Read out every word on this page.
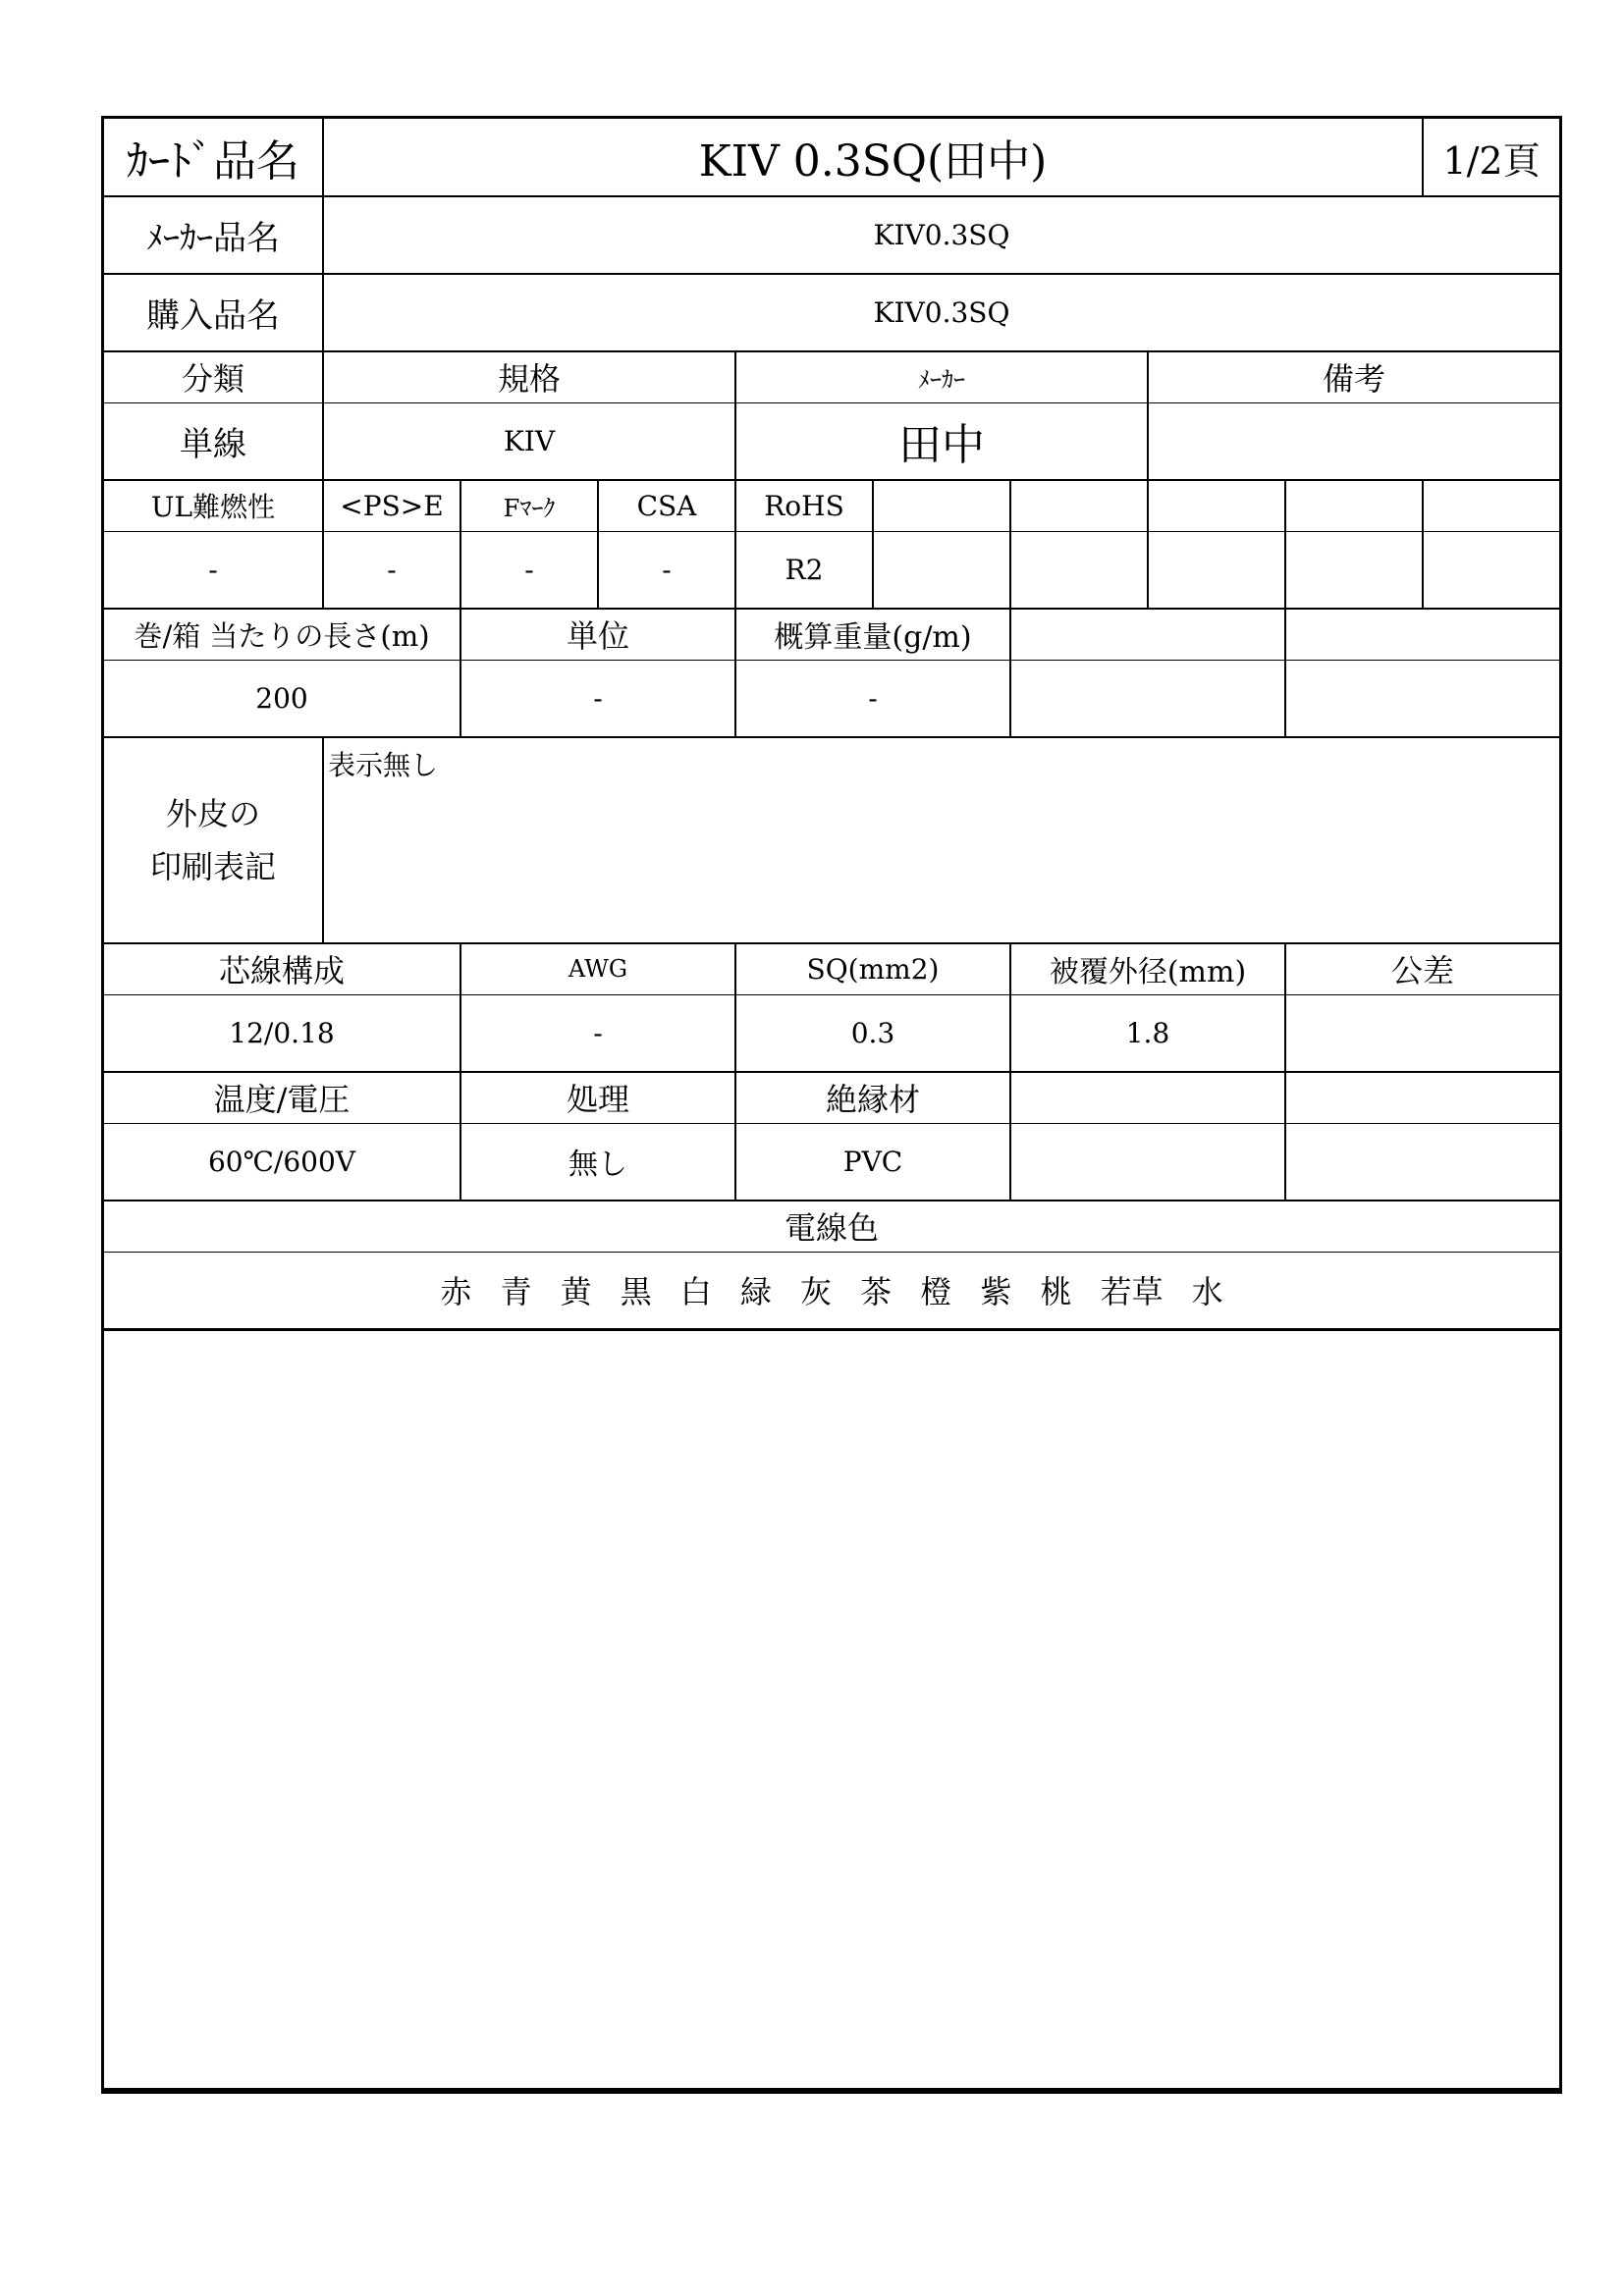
ｶｰﾄﾞ品名	KIV 0.3SQ(田中)								1/2頁
ﾒｰｶｰ品名	KIV0.3SQ								
購入品名	KIV0.3SQ								
分類	規格			ﾒｰｶｰ			備考		
単線	KIV			田中					
UL難燃性	<PS>E	Fﾏｰｸ	CSA	RoHS					
-	-	-	-	R2					
巻/箱 当たりの長さ(m)		単位		概算重量(g/m)					
200		-		-					

外皮の
印刷表記	表示無し								
芯線構成		AWG		SQ(mm2)		被覆外径(mm)		公差	
12/0.18		-		0.3		1.8			
温度/電圧		処理		絶縁材					
60℃/600V		無し		PVC					
電線色									
赤 青 黄 黒 白 緑 灰 茶 橙 紫 桃 若草 水									
